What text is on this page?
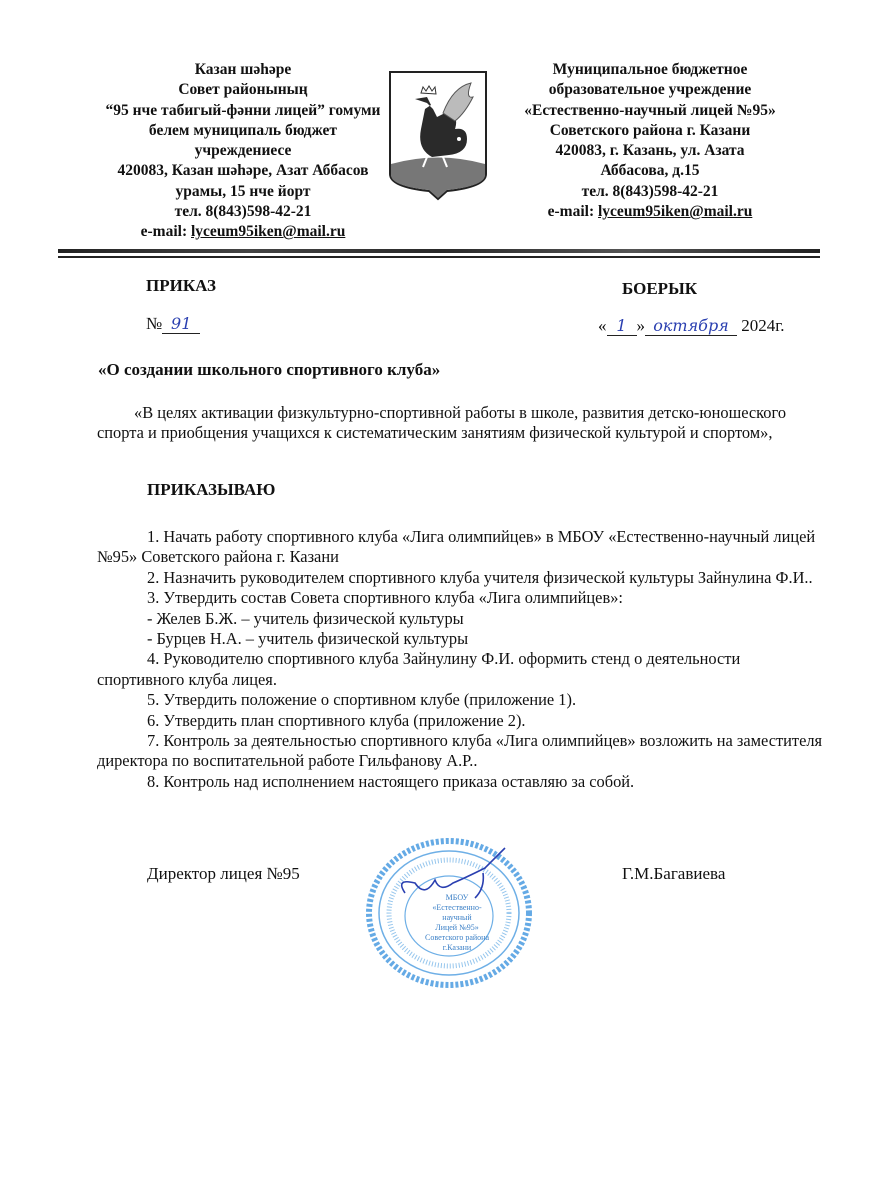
Казан шәһәре
Совет районының
“95 нче табигый-фәнни лицей” гомуми
белем муниципаль бюджет
учреждениесе
420083, Казан шәһәре, Азат Аббасов
урамы, 15 нче йорт
тел. 8(843)598-42-21
e-mail: lyceum95iken@mail.ru
Муниципальное бюджетное
образовательное учреждение
«Естественно-научный лицей №95»
Советского района г. Казани
420083, г. Казань, ул. Азата
Аббасова, д.15
тел. 8(843)598-42-21
e-mail: lyceum95iken@mail.ru
ПРИКАЗ	БОЕРЫК
№ 91	« 1 » октября 2024г.
«О создании школьного спортивного клуба»

«В целях активации физкультурно-спортивной работы в школе, развития детско-юношеского спорта и приобщения учащихся к систематическим занятиям физической культурой и спортом»,

ПРИКАЗЫВАЮ

1. Начать работу спортивного клуба «Лига олимпийцев» в МБОУ «Естественно-научный лицей №95» Советского района г. Казани

2. Назначить руководителем спортивного клуба учителя физической культуры Зайнулина Ф.И..

3. Утвердить состав Совета спортивного клуба «Лига олимпийцев»:

- Желев Б.Ж. – учитель физической культуры

- Бурцев Н.А. – учитель физической культуры

4. Руководителю спортивного клуба Зайнулину Ф.И. оформить стенд о деятельности спортивного клуба лицея.

5. Утвердить положение о спортивном клубе (приложение 1).

6. Утвердить план спортивного клуба (приложение 2).

7. Контроль за деятельностью спортивного клуба «Лига олимпийцев» возложить на заместителя директора по воспитательной работе Гильфанову А.Р..

8. Контроль над исполнением настоящего приказа оставляю за собой.

Директор лицея №95
МБОУ
«Естественно-
научный
Лицей №95»
Советского района
г.Казани
Г.М.Багавиева
